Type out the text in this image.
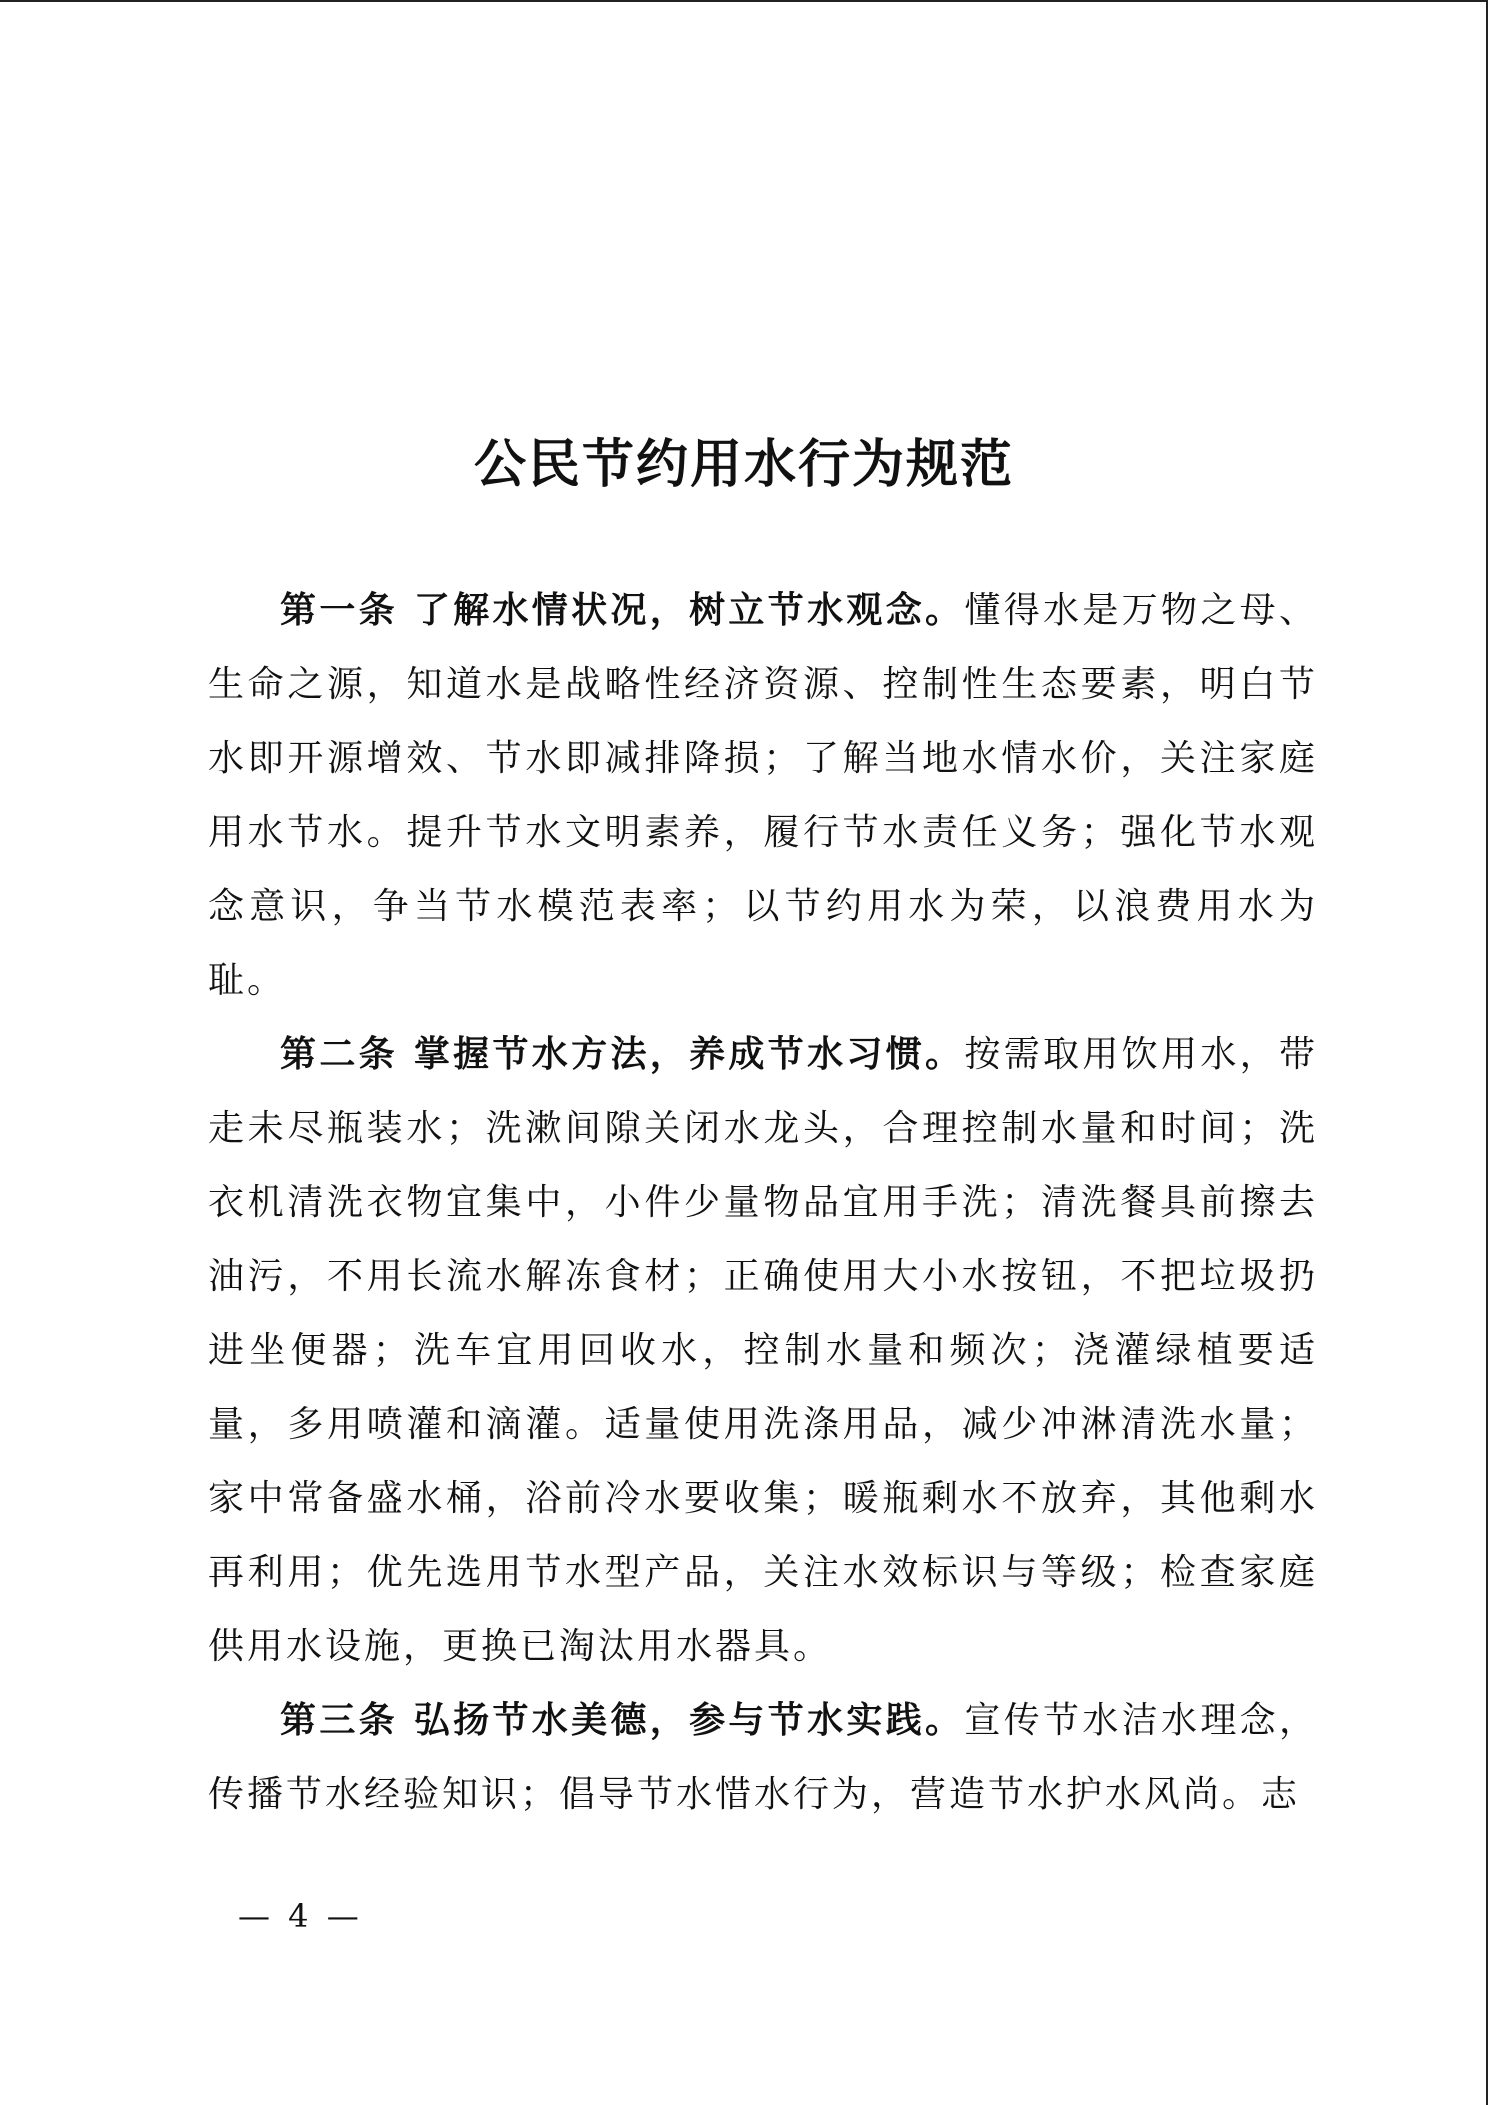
公民节约用水行为规范

第一条 了解水情状况，树立节水观念。懂得水是万物之母、生命之源，知道水是战略性经济资源、控制性生态要素，明白节水即开源增效、节水即减排降损；了解当地水情水价，关注家庭用水节水。提升节水文明素养，履行节水责任义务；强化节水观念意识，争当节水模范表率；以节约用水为荣，以浪费用水为耻。

第二条 掌握节水方法，养成节水习惯。按需取用饮用水，带走未尽瓶装水；洗漱间隙关闭水龙头，合理控制水量和时间；洗衣机清洗衣物宜集中，小件少量物品宜用手洗；清洗餐具前擦去油污，不用长流水解冻食材；正确使用大小水按钮，不把垃圾扔进坐便器；洗车宜用回收水，控制水量和频次；浇灌绿植要适量，多用喷灌和滴灌。适量使用洗涤用品，减少冲淋清洗水量；家中常备盛水桶，浴前冷水要收集；暖瓶剩水不放弃，其他剩水再利用；优先选用节水型产品，关注水效标识与等级；检查家庭供用水设施，更换已淘汰用水器具。

第三条 弘扬节水美德，参与节水实践。宣传节水洁水理念，传播节水经验知识；倡导节水惜水行为，营造节水护水风尚。志

— 4 —
